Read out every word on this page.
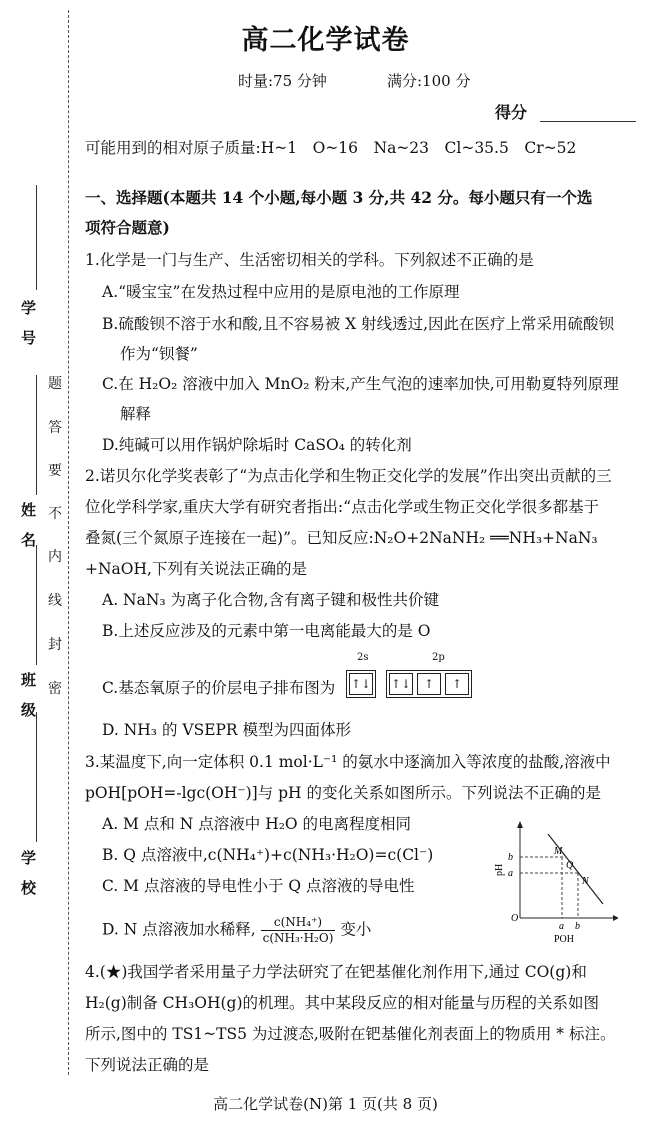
学　号
姓　名
班　级
学　校
题
答
要
不
内
线
封
密
高二化学试卷
时量:75 分钟	满分:100 分
得分
可能用到的相对原子质量:H~1　O~16　Na~23　Cl~35.5　Cr~52
一、选择题(本题共 14 个小题,每小题 3 分,共 42 分。每小题只有一个选
项符合题意)
1.化学是一门与生产、生活密切相关的学科。下列叙述不正确的是
A.“暖宝宝”在发热过程中应用的是原电池的工作原理
B.硫酸钡不溶于水和酸,且不容易被 X 射线透过,因此在医疗上常采用硫酸钡
作为“钡餐”
C.在 H₂O₂ 溶液中加入 MnO₂ 粉末,产生气泡的速率加快,可用勒夏特列原理
解释
D.纯碱可以用作锅炉除垢时 CaSO₄ 的转化剂
2.诺贝尔化学奖表彰了“为点击化学和生物正交化学的发展”作出突出贡献的三
位化学科学家,重庆大学有研究者指出:“点击化学或生物正交化学很多都基于
叠氮(三个氮原子连接在一起)”。已知反应:N₂O+2NaNH₂ ══NH₃+NaN₃
+NaOH,下列有关说法正确的是
A. NaN₃ 为离子化合物,含有离子键和极性共价键
B.上述反应涉及的元素中第一电离能最大的是 O
C.基态氧原子的价层电子排布图为
2s	2p
↑↓	↑↓ ↑ ↑
D. NH₃ 的 VSEPR 模型为四面体形
3.某温度下,向一定体积 0.1 mol·L⁻¹ 的氨水中逐滴加入等浓度的盐酸,溶液中
pOH[pOH=-lgc(OH⁻)]与 pH 的变化关系如图所示。下列说法不正确的是
A. M 点和 N 点溶液中 H₂O 的电离程度相同
B. Q 点溶液中,c(NH₄⁺)+c(NH₃·H₂O)=c(Cl⁻)
C. M 点溶液的导电性小于 Q 点溶液的导电性
D. N 点溶液加水稀释, $\frac{\text{c(NH₄⁺)}}{\text{c(NH₃·H₂O)}}$ 变小
pH
b
a
O
a b
POH
M
Q
N
4.(★)我国学者采用量子力学法研究了在钯基催化剂作用下,通过 CO(g)和
H₂(g)制备 CH₃OH(g)的机理。其中某段反应的相对能量与历程的关系如图
所示,图中的 TS1~TS5 为过渡态,吸附在钯基催化剂表面上的物质用 * 标注。
下列说法正确的是
高二化学试卷(N)第 1 页(共 8 页)
